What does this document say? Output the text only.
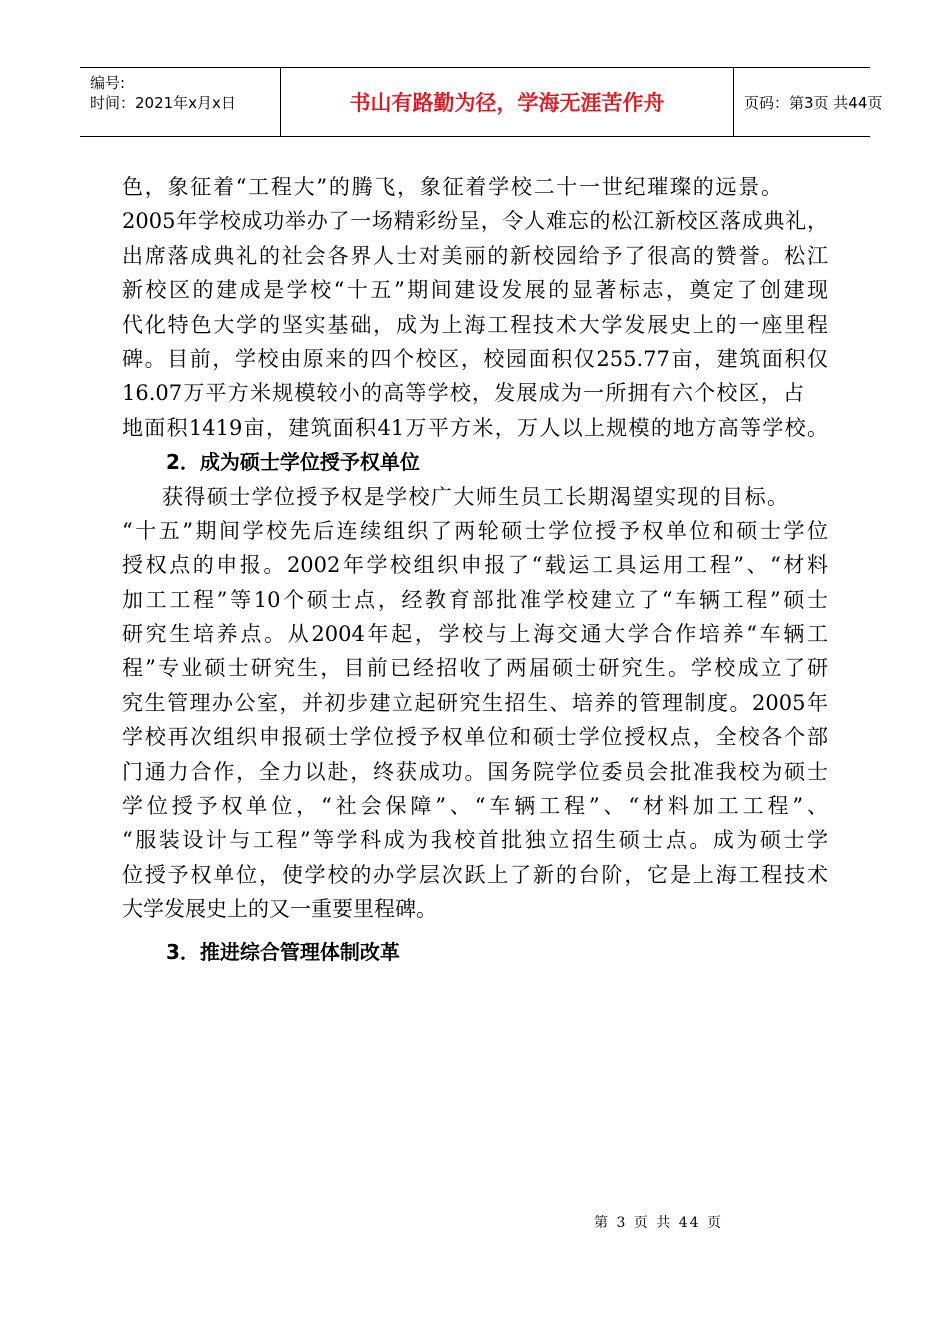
编号:
时间：2021年x月x日	书山有路勤为径，学海无涯苦作舟	页码：第3页 共44页
色，象征着“工程大”的腾飞，象征着学校二十一世纪璀璨的远景。
2005年学校成功举办了一场精彩纷呈，令人难忘的松江新校区落成典礼，
出席落成典礼的社会各界人士对美丽的新校园给予了很高的赞誉。松江
新校区的建成是学校“十五”期间建设发展的显著标志，奠定了创建现
代化特色大学的坚实基础，成为上海工程技术大学发展史上的一座里程
碑。目前，学校由原来的四个校区，校园面积仅255.77亩，建筑面积仅
16.07万平方米规模较小的高等学校，发展成为一所拥有六个校区，占
地面积1419亩，建筑面积41万平方米，万人以上规模的地方高等学校。
2．成为硕士学位授予权单位
获得硕士学位授予权是学校广大师生员工长期渴望实现的目标。
“十五”期间学校先后连续组织了两轮硕士学位授予权单位和硕士学位
授权点的申报。2002年学校组织申报了“载运工具运用工程”、“材料
加工工程”等10个硕士点，经教育部批准学校建立了“车辆工程”硕士
研究生培养点。从2004年起，学校与上海交通大学合作培养“车辆工
程”专业硕士研究生，目前已经招收了两届硕士研究生。学校成立了研
究生管理办公室，并初步建立起研究生招生、培养的管理制度。2005年
学校再次组织申报硕士学位授予权单位和硕士学位授权点，全校各个部
门通力合作，全力以赴，终获成功。国务院学位委员会批准我校为硕士
学位授予权单位，“社会保障”、“车辆工程”、“材料加工工程”、
“服装设计与工程”等学科成为我校首批独立招生硕士点。成为硕士学
位授予权单位，使学校的办学层次跃上了新的台阶，它是上海工程技术
大学发展史上的又一重要里程碑。
3．推进综合管理体制改革
第 3 页 共 44 页
